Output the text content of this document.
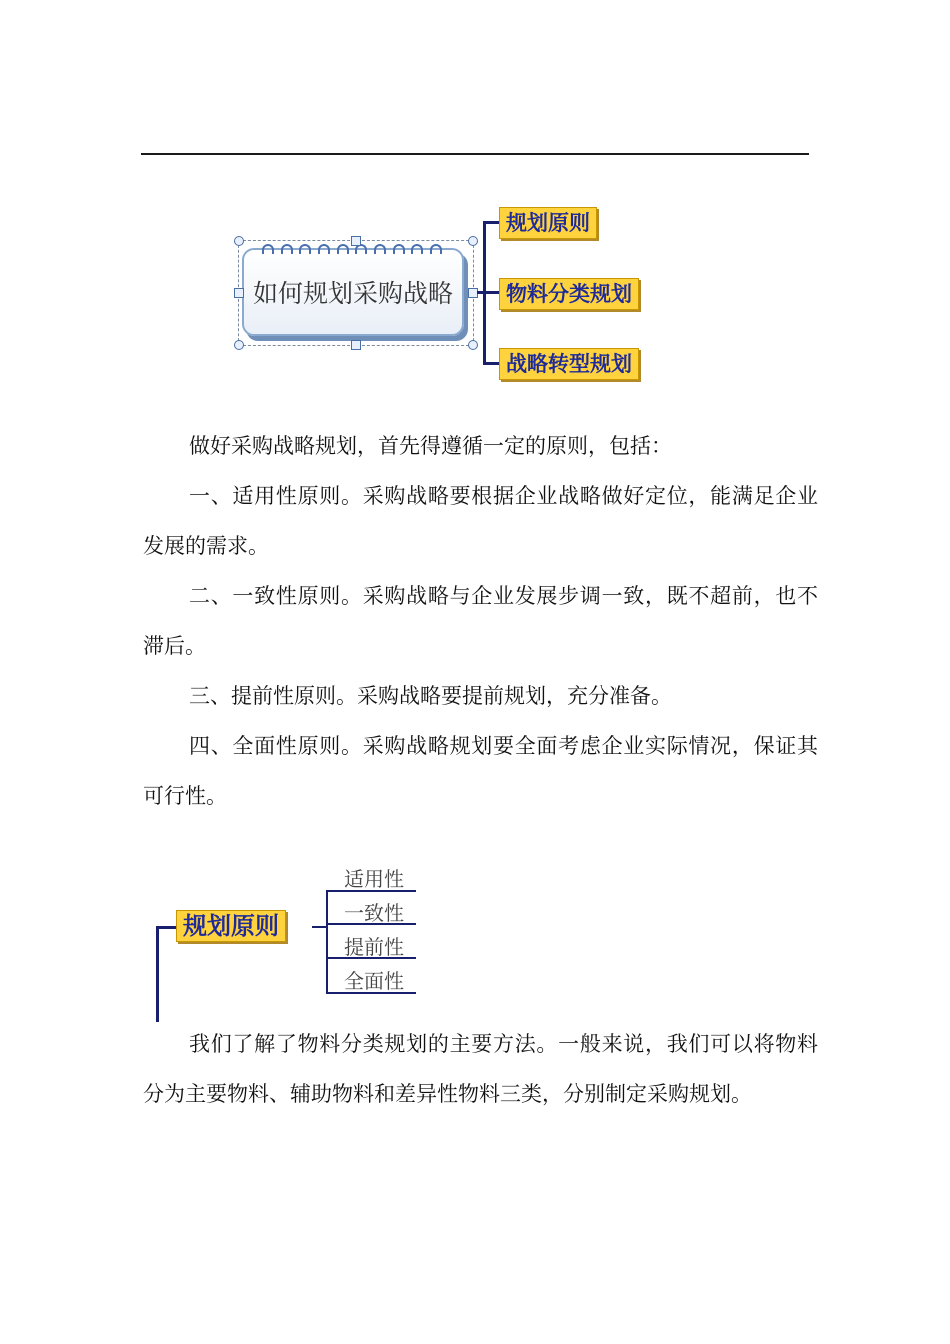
如何规划采购战略
规划原则
物料分类规划
战略转型规划

做好采购战略规划，首先得遵循一定的原则，包括：

一、适用性原则。采购战略要根据企业战略做好定位，能满足企业发展的需求。

二、一致性原则。采购战略与企业发展步调一致，既不超前，也不滞后。

三、提前性原则。采购战略要提前规划，充分准备。

四、全面性原则。采购战略规划要全面考虑企业实际情况，保证其可行性。

规划原则
适用性
一致性
提前性
全面性

我们了解了物料分类规划的主要方法。一般来说，我们可以将物料分为主要物料、辅助物料和差异性物料三类，分别制定采购规划。
